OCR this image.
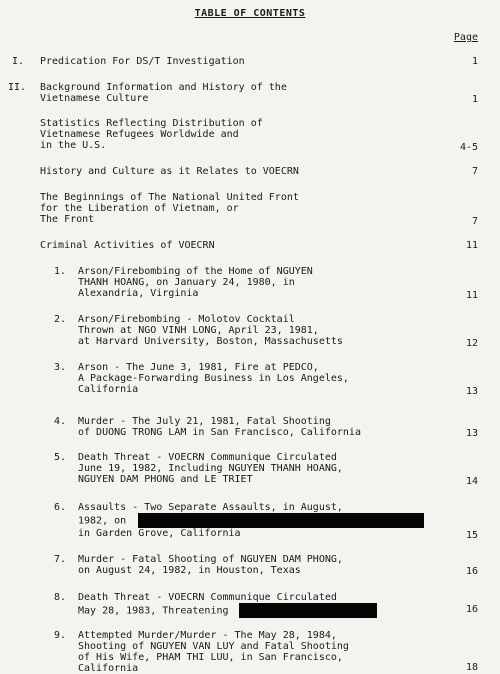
TABLE OF CONTENTS
Page
I. Predication For DS/T Investigation	1
II. Background Information and History of the
Vietnamese Culture	1
Statistics Reflecting Distribution of
Vietnamese Refugees Worldwide and
in the U.S.	4-5
History and Culture as it Relates to VOECRN	7
The Beginnings of The National United Front
for the Liberation of Vietnam, or
The Front	7
Criminal Activities of VOECRN	11
1. Arson/Firebombing of the Home of NGUYEN
THANH HOANG, on January 24, 1980, in
Alexandria, Virginia	11
2. Arson/Firebombing - Molotov Cocktail
Thrown at NGO VINH LONG, April 23, 1981,
at Harvard University, Boston, Massachusetts	12
3. Arson - The June 3, 1981, Fire at PEDCO,
A Package-Forwarding Business in Los Angeles,
California	13
4. Murder - The July 21, 1981, Fatal Shooting
of DUONG TRONG LAM in San Francisco, California	13
5. Death Threat - VOECRN Communique Circulated
June 19, 1982, Including NGUYEN THANH HOANG,
NGUYEN DAM PHONG and LE TRIET	14
6. Assaults - Two Separate Assaults, in August,
1982, on
in Garden Grove, California	15
7. Murder - Fatal Shooting of NGUYEN DAM PHONG,
on August 24, 1982, in Houston, Texas	16
8. Death Threat - VOECRN Communique Circulated
May 28, 1983, Threatening	16
9. Attempted Murder/Murder - The May 28, 1984,
Shooting of NGUYEN VAN LUY and Fatal Shooting
of His Wife, PHAM THI LUU, in San Francisco,
California	18
